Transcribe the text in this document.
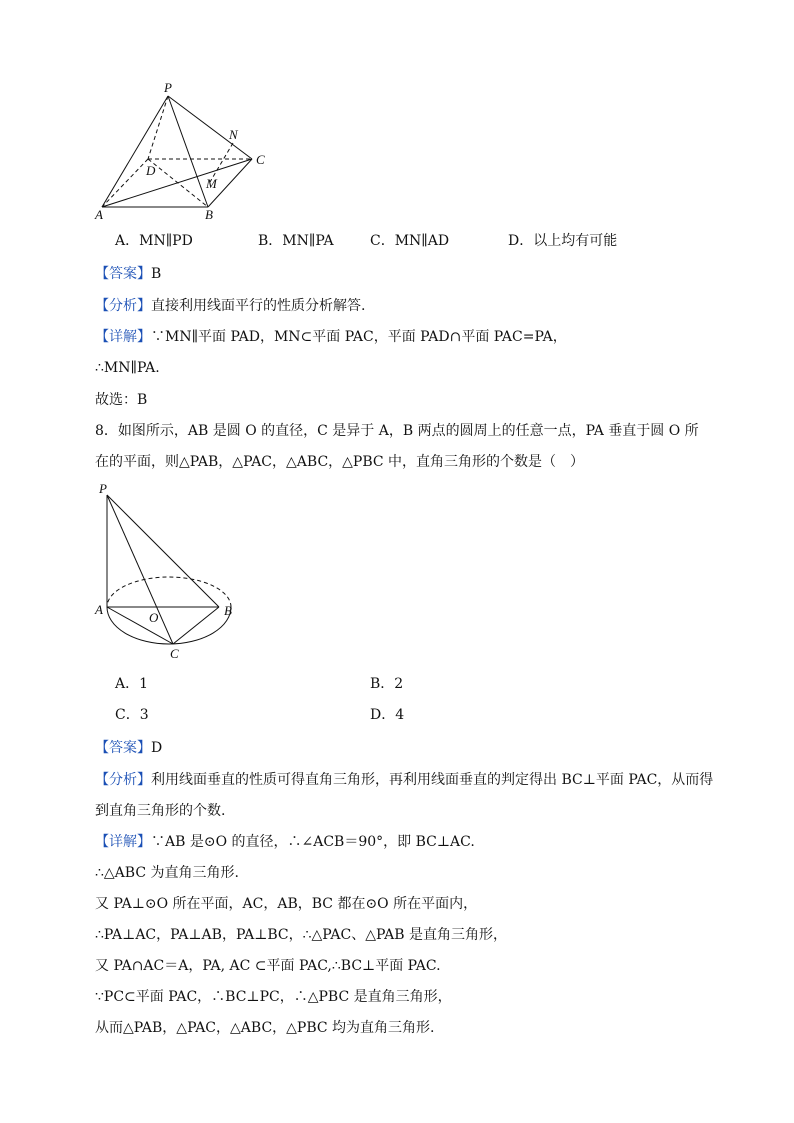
P
N
C
D
M
A	B
A．MN∥PD	B．MN∥PA	C．MN∥AD	D．以上均有可能
【答案】B
【分析】直接利用线面平行的性质分析解答.
【详解】∵MN∥平面 PAD，MN⊂平面 PAC，平面 PAD∩平面 PAC=PA，
∴MN∥PA.
故选：B
8．如图所示，AB 是圆 O 的直径，C 是异于 A，B 两点的圆周上的任意一点，PA 垂直于圆 O 所在的平面，则△PAB，△PAC，△ABC，△PBC 中，直角三角形的个数是（　）
P
A
O	B
C
A．1	B．2
C．3	D．4
【答案】D
【分析】利用线面垂直的性质可得直角三角形，再利用线面垂直的判定得出 BC⊥平面 PAC，从而得
到直角三角形的个数.
【详解】∵AB 是⊙O 的直径，∴∠ACB＝90°，即 BC⊥AC.
∴△ABC 为直角三角形.
又 PA⊥⊙O 所在平面，AC，AB，BC 都在⊙O 所在平面内，
∴PA⊥AC，PA⊥AB，PA⊥BC，∴△PAC、△PAB 是直角三角形，
又 PA∩AC＝A，PA, AC ⊂平面 PAC,∴BC⊥平面 PAC.
∵PC⊂平面 PAC，∴BC⊥PC，∴△PBC 是直角三角形，
从而△PAB，△PAC，△ABC，△PBC 均为直角三角形.
